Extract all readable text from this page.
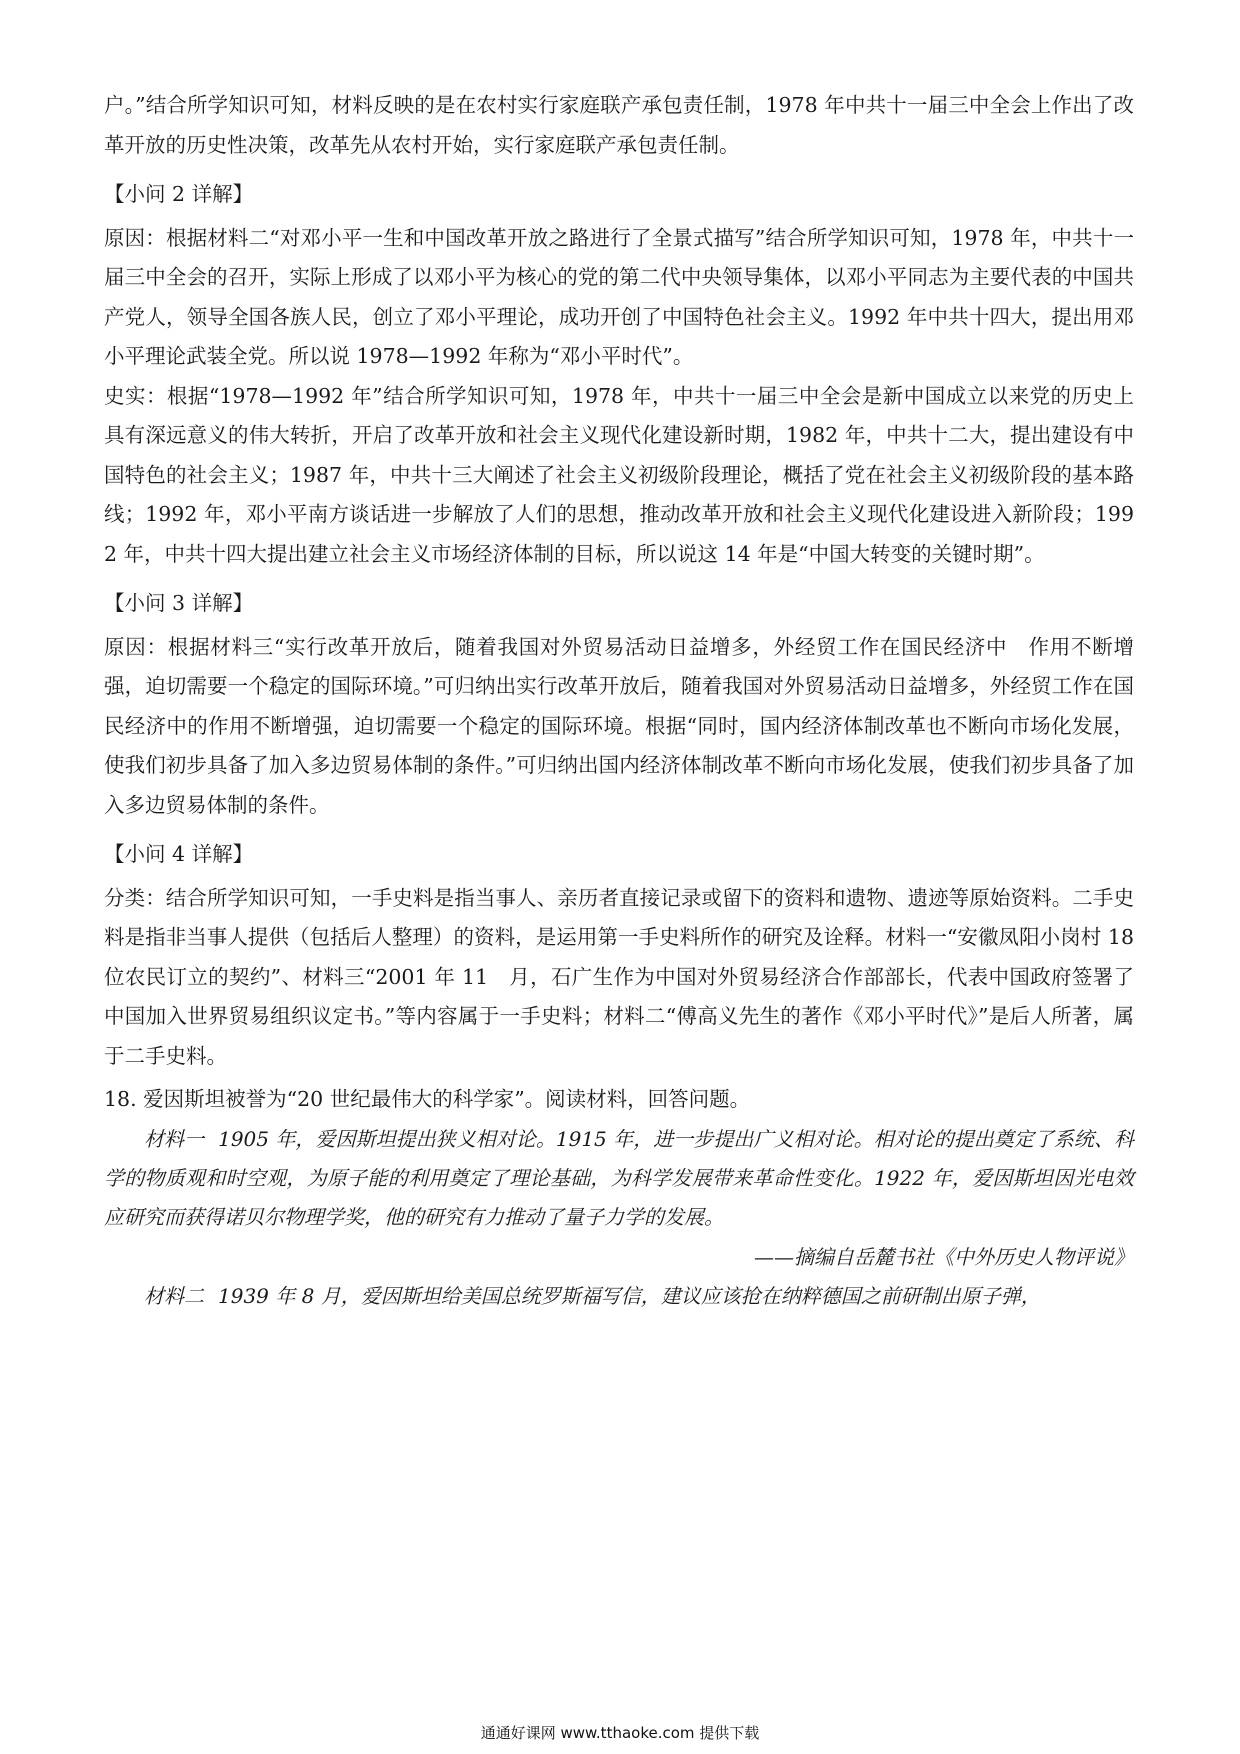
户。”结合所学知识可知，材料反映的是在农村实行家庭联产承包责任制，1978 年中共十一届三中全会上作出了改革开放的历史性决策，改革先从农村开始，实行家庭联产承包责任制。

【小问 2 详解】

原因：根据材料二“对邓小平一生和中国改革开放之路进行了全景式描写”结合所学知识可知，1978 年，中共十一届三中全会的召开，实际上形成了以邓小平为核心的党的第二代中央领导集体，以邓小平同志为主要代表的中国共产党人，领导全国各族人民，创立了邓小平理论，成功开创了中国特色社会主义。1992 年中共十四大，提出用邓小平理论武装全党。所以说 1978—1992 年称为“邓小平时代”。

史实：根据“1978—1992 年”结合所学知识可知，1978 年，中共十一届三中全会是新中国成立以来党的历史上具有深远意义的伟大转折，开启了改革开放和社会主义现代化建设新时期，1982 年，中共十二大，提出建设有中国特色的社会主义；1987 年，中共十三大阐述了社会主义初级阶段理论，概括了党在社会主义初级阶段的基本路线；1992 年，邓小平南方谈话进一步解放了人们的思想，推动改革开放和社会主义现代化建设进入新阶段；1992 年，中共十四大提出建立社会主义市场经济体制的目标，所以说这 14 年是“中国大转变的关键时期”。

【小问 3 详解】

原因：根据材料三“实行改革开放后，随着我国对外贸易活动日益增多，外经贸工作在国民经济中　作用不断增强，迫切需要一个稳定的国际环境。”可归纳出实行改革开放后，随着我国对外贸易活动日益增多，外经贸工作在国民经济中的作用不断增强，迫切需要一个稳定的国际环境。根据“同时，国内经济体制改革也不断向市场化发展，使我们初步具备了加入多边贸易体制的条件。”可归纳出国内经济体制改革不断向市场化发展，使我们初步具备了加入多边贸易体制的条件。

【小问 4 详解】

分类：结合所学知识可知，一手史料是指当事人、亲历者直接记录或留下的资料和遗物、遗迹等原始资料。二手史料是指非当事人提供（包括后人整理）的资料，是运用第一手史料所作的研究及诠释。材料一“安徽凤阳小岗村 18 位农民订立的契约”、材料三“2001 年 11　月，石广生作为中国对外贸易经济合作部部长，代表中国政府签署了中国加入世界贸易组织议定书。”等内容属于一手史料；材料二“傅高义先生的著作《邓小平时代》”是后人所著，属于二手史料。

18. 爱因斯坦被誉为“20 世纪最伟大的科学家”。阅读材料，回答问题。

材料一 1905 年，爱因斯坦提出狭义相对论。1915 年，进一步提出广义相对论。相对论的提出奠定了系统、科学的物质观和时空观，为原子能的利用奠定了理论基础，为科学发展带来革命性变化。1922 年，爱因斯坦因光电效应研究而获得诺贝尔物理学奖，他的研究有力推动了量子力学的发展。

——摘编自岳麓书社《中外历史人物评说》

材料二 1939 年 8 月，爱因斯坦给美国总统罗斯福写信，建议应该抢在纳粹德国之前研制出原子弹，

通通好课网 www.tthaoke.com 提供下载
